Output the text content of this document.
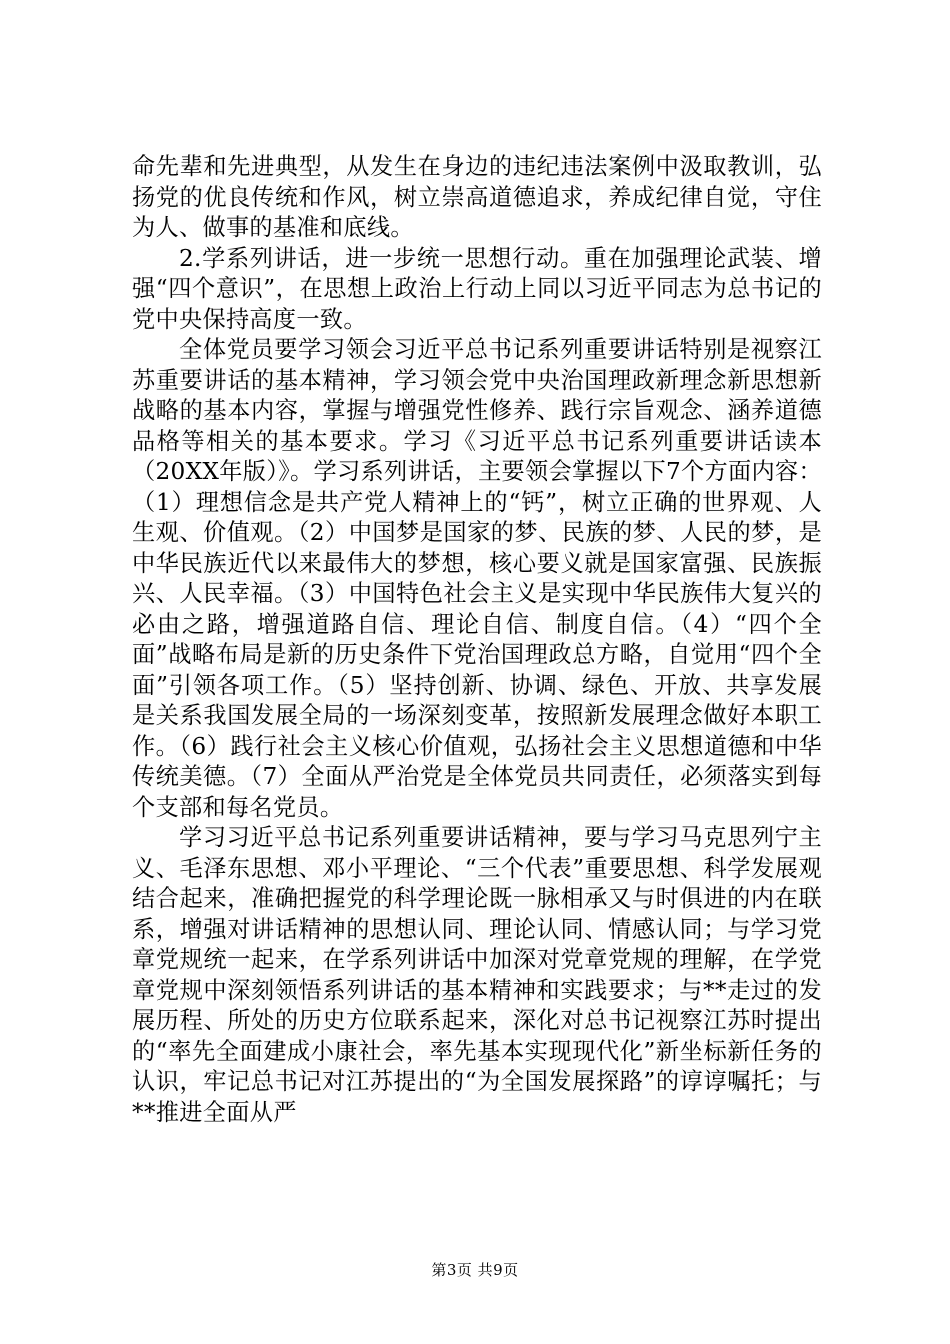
命先辈和先进典型，从发生在身边的违纪违法案例中汲取教训，弘扬党的优良传统和作风，树立崇高道德追求，养成纪律自觉，守住为人、做事的基准和底线。

2.学系列讲话，进一步统一思想行动。重在加强理论武装、增强“四个意识”，在思想上政治上行动上同以习近平同志为总书记的党中央保持高度一致。

全体党员要学习领会习近平总书记系列重要讲话特别是视察江苏重要讲话的基本精神，学习领会党中央治国理政新理念新思想新战略的基本内容，掌握与增强党性修养、践行宗旨观念、涵养道德品格等相关的基本要求。学习《习近平总书记系列重要讲话读本（20XX年版）》。学习系列讲话，主要领会掌握以下7个方面内容：（1）理想信念是共产党人精神上的“钙”，树立正确的世界观、人生观、价值观。（2）中国梦是国家的梦、民族的梦、人民的梦，是中华民族近代以来最伟大的梦想，核心要义就是国家富强、民族振兴、人民幸福。（3）中国特色社会主义是实现中华民族伟大复兴的必由之路，增强道路自信、理论自信、制度自信。（4）“四个全面”战略布局是新的历史条件下党治国理政总方略，自觉用“四个全面”引领各项工作。（5）坚持创新、协调、绿色、开放、共享发展是关系我国发展全局的一场深刻变革，按照新发展理念做好本职工作。（6）践行社会主义核心价值观，弘扬社会主义思想道德和中华传统美德。（7）全面从严治党是全体党员共同责任，必须落实到每个支部和每名党员。

学习习近平总书记系列重要讲话精神，要与学习马克思列宁主义、毛泽东思想、邓小平理论、“三个代表”重要思想、科学发展观结合起来，准确把握党的科学理论既一脉相承又与时俱进的内在联系，增强对讲话精神的思想认同、理论认同、情感认同；与学习党章党规统一起来，在学系列讲话中加深对党章党规的理解，在学党章党规中深刻领悟系列讲话的基本精神和实践要求；与**走过的发展历程、所处的历史方位联系起来，深化对总书记视察江苏时提出的“率先全面建成小康社会，率先基本实现现代化”新坐标新任务的认识，牢记总书记对江苏提出的“为全国发展探路”的谆谆嘱托；与**推进全面从严

第3页 共9页
